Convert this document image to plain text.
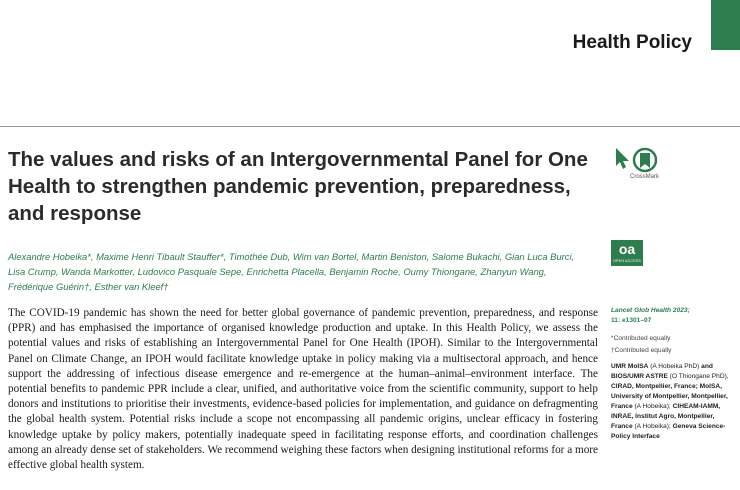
Health Policy
The values and risks of an Intergovernmental Panel for One Health to strengthen pandemic prevention, preparedness, and response
CrossMark
Alexandre Hobeika*, Maxime Henri Tibault Stauffer*, Timothée Dub, Wim van Bortel, Martin Beniston, Salome Bukachi, Gian Luca Burci,
Lisa Crump, Wanda Markotter, Ludovico Pasquale Sepe, Enrichetta Placella, Benjamin Roche, Oumy Thiongane, Zhanyun Wang,
Frédérique Guérin†, Esther van Kleef†
oa
OPEN ACCESS

The COVID-19 pandemic has shown the need for better global governance of pandemic prevention, preparedness, and response (PPR) and has emphasised the importance of organised knowledge production and uptake. In this Health Policy, we assess the potential values and risks of establishing an Intergovernmental Panel for One Health (IPOH). Similar to the Intergovernmental Panel on Climate Change, an IPOH would facilitate knowledge uptake in policy making via a multisectoral approach, and hence support the addressing of infectious disease emergence and re-emergence at the human–animal–environment interface. The potential benefits to pandemic PPR include a clear, unified, and authoritative voice from the scientific community, support to help donors and institutions to prioritise their investments, evidence-based policies for implementation, and guidance on defragmenting the global health system. Potential risks include a scope not encompassing all pandemic origins, unclear efficacy in fostering knowledge uptake by policy makers, potentially inadequate speed in facilitating response efforts, and coordination challenges among an already dense set of stakeholders. We recommend weighing these factors when designing institutional reforms for a more effective global health system.

Lancet Glob Health 2023;
11: e1301–07
*Contributed equally
†Contributed equally
UMR MoISA (A Hobeika PhD) and BIOS/UMR ASTRE (O Thiongane PhD), CIRAD, Montpellier, France; MoISA, University of Montpellier, Montpellier, France (A Hobeika); CIHEAM-IAMM, INRAE, Institut Agro, Montpellier, France (A Hobeika); Geneva Science-Policy Interface
